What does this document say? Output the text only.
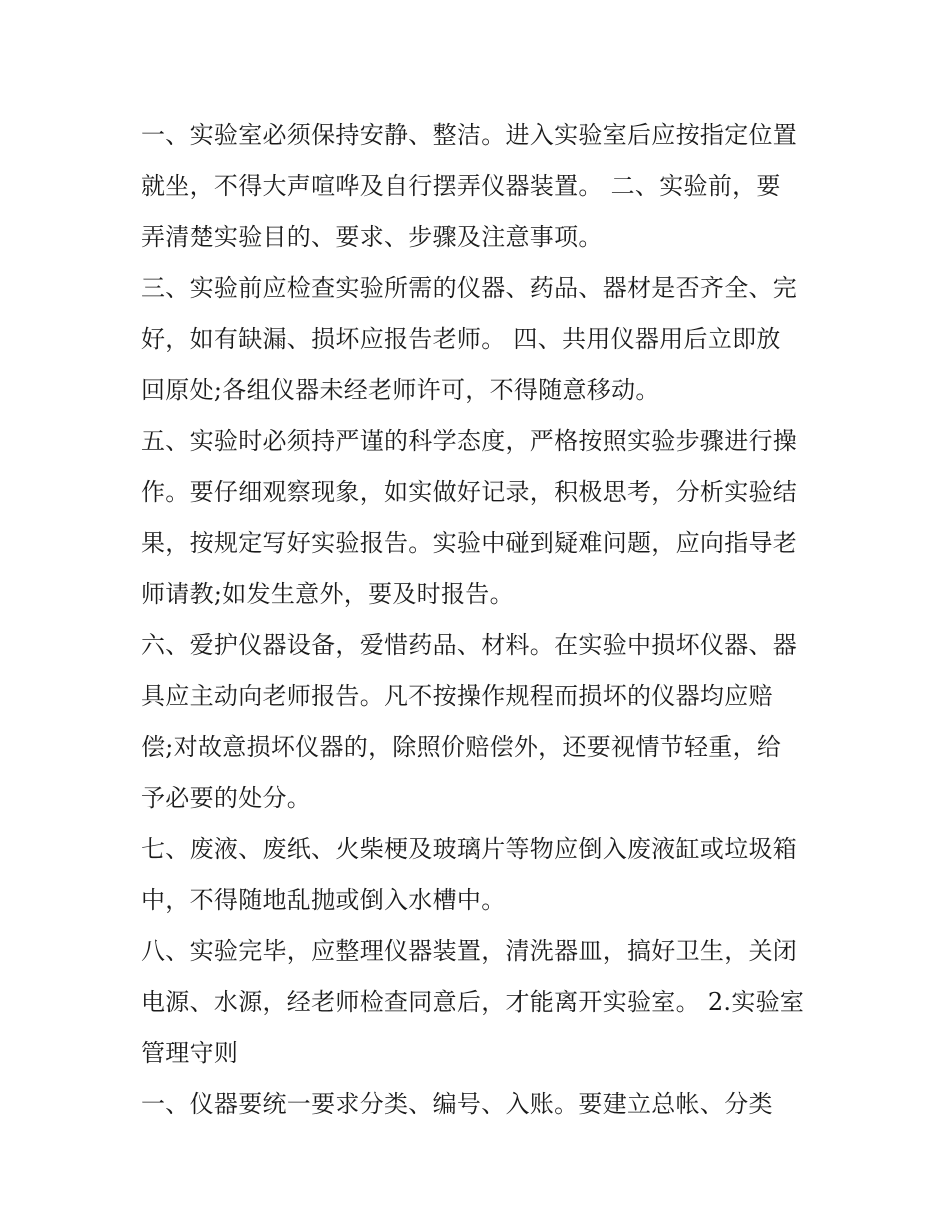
一、实验室必须保持安静、整洁。进入实验室后应按指定位置
就坐，不得大声喧哗及自行摆弄仪器装置。 二、实验前，要
弄清楚实验目的、要求、步骤及注意事项。
三、实验前应检查实验所需的仪器、药品、器材是否齐全、完
好，如有缺漏、损坏应报告老师。 四、共用仪器用后立即放
回原处;各组仪器未经老师许可，不得随意移动。
五、实验时必须持严谨的科学态度，严格按照实验步骤进行操
作。要仔细观察现象，如实做好记录，积极思考，分析实验结
果，按规定写好实验报告。实验中碰到疑难问题，应向指导老
师请教;如发生意外，要及时报告。
六、爱护仪器设备，爱惜药品、材料。在实验中损坏仪器、器
具应主动向老师报告。凡不按操作规程而损坏的仪器均应赔
偿;对故意损坏仪器的，除照价赔偿外，还要视情节轻重，给
予必要的处分。
七、废液、废纸、火柴梗及玻璃片等物应倒入废液缸或垃圾箱
中，不得随地乱抛或倒入水槽中。
八、实验完毕，应整理仪器装置，清洗器皿，搞好卫生，关闭
电源、水源，经老师检查同意后，才能离开实验室。 2.实验室
管理守则
一、仪器要统一要求分类、编号、入账。要建立总帐、分类
